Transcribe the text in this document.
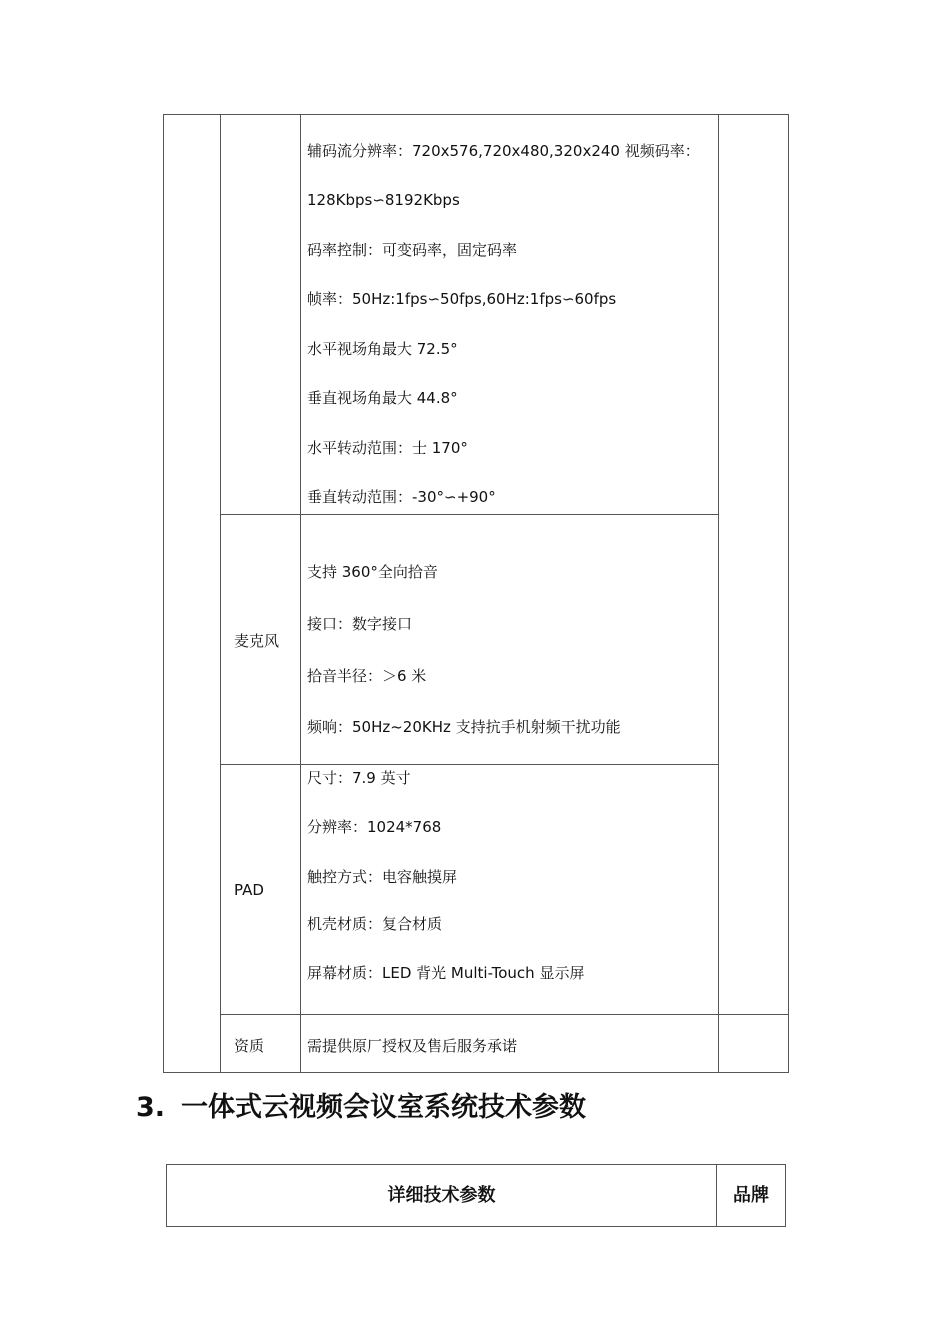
辅码流分辨率：720x576,720x480,320x240 视频码率：
128Kbps∽8192Kbps
码率控制：可变码率，固定码率
帧率：50Hz:1fps∽50fps,60Hz:1fps∽60fps
水平视场角最大 72.5°
垂直视场角最大 44.8°
水平转动范围：士 170°
垂直转动范围：-30°∽+90°
麦克风
支持 360°全向拾音
接口：数字接口
拾音半径：＞6 米
频响：50Hz~20KHz 支持抗手机射频干扰功能
PAD
尺寸：7.9 英寸
分辨率：1024*768
触控方式：电容触摸屏
机壳材质：复合材质
屏幕材质：LED 背光 Multi-Touch 显示屏
资质	需提供原厂授权及售后服务承诺
3. 一体式云视频会议室系统技术参数
详细技术参数	品牌
